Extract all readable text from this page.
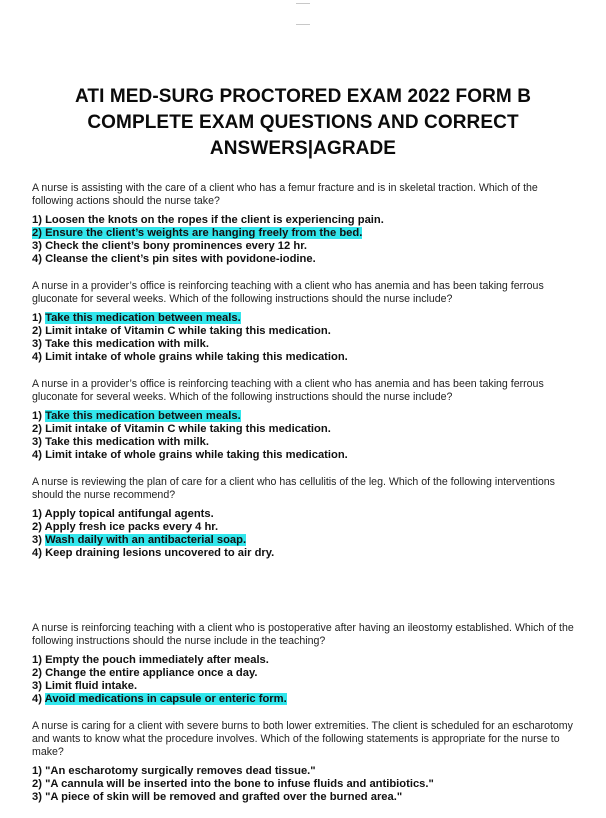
ATI MED-SURG PROCTORED EXAM 2022 FORM B
COMPLETE EXAM QUESTIONS AND CORRECT
ANSWERS|AGRADE
A nurse is assisting with the care of a client who has a femur fracture and is in skeletal traction. Which of the following actions should the nurse take?
1) Loosen the knots on the ropes if the client is experiencing pain.
2) Ensure the client’s weights are hanging freely from the bed.
3) Check the client’s bony prominences every 12 hr.
4) Cleanse the client’s pin sites with povidone-iodine.
A nurse in a provider’s office is reinforcing teaching with a client who has anemia and has been taking ferrous gluconate for several weeks. Which of the following instructions should the nurse include?
1) Take this medication between meals.
2) Limit intake of Vitamin C while taking this medication.
3) Take this medication with milk.
4) Limit intake of whole grains while taking this medication.
A nurse in a provider’s office is reinforcing teaching with a client who has anemia and has been taking ferrous gluconate for several weeks. Which of the following instructions should the nurse include?
1) Take this medication between meals.
2) Limit intake of Vitamin C while taking this medication.
3) Take this medication with milk.
4) Limit intake of whole grains while taking this medication.
A nurse is reviewing the plan of care for a client who has cellulitis of the leg. Which of the following interventions should the nurse recommend?
1) Apply topical antifungal agents.
2) Apply fresh ice packs every 4 hr.
3) Wash daily with an antibacterial soap.
4) Keep draining lesions uncovered to air dry.
A nurse is reinforcing teaching with a client who is postoperative after having an ileostomy established. Which of the following instructions should the nurse include in the teaching?
1) Empty the pouch immediately after meals.
2) Change the entire appliance once a day.
3) Limit fluid intake.
4) Avoid medications in capsule or enteric form.
A nurse is caring for a client with severe burns to both lower extremities. The client is scheduled for an escharotomy and wants to know what the procedure involves. Which of the following statements is appropriate for the nurse to make?
1) "An escharotomy surgically removes dead tissue."
2) "A cannula will be inserted into the bone to infuse fluids and antibiotics."
3) "A piece of skin will be removed and grafted over the burned area."
